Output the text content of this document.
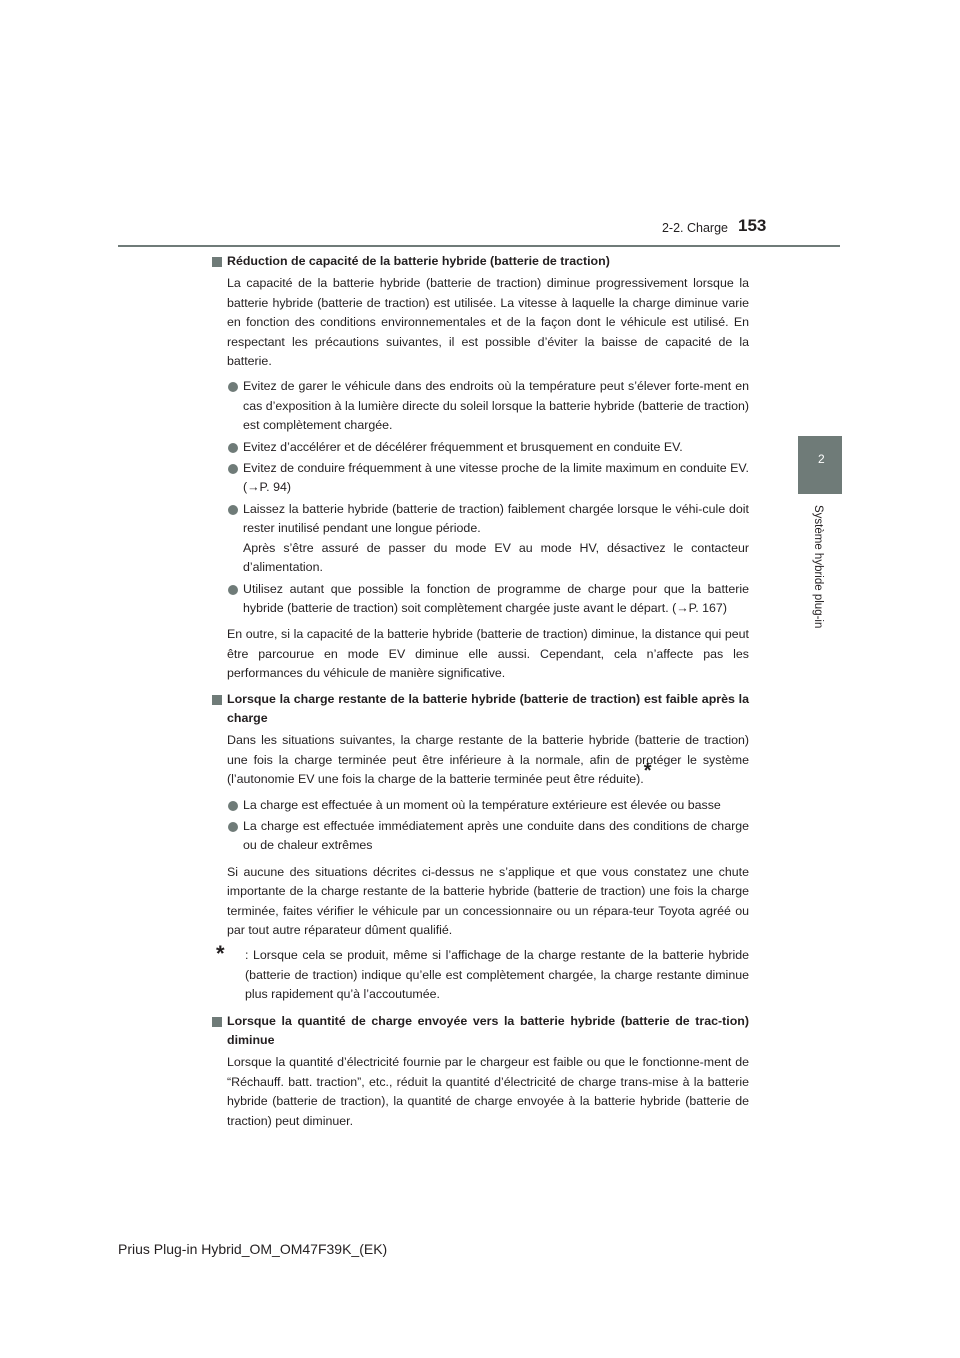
2-2. Charge 153
2
Système hybride plug-in
Réduction de capacité de la batterie hybride (batterie de traction)
La capacité de la batterie hybride (batterie de traction) diminue progressivement lorsque la batterie hybride (batterie de traction) est utilisée. La vitesse à laquelle la charge diminue varie en fonction des conditions environnementales et de la façon dont le véhicule est utilisé. En respectant les précautions suivantes, il est possible d’éviter la baisse de capacité de la batterie.
Evitez de garer le véhicule dans des endroits où la température peut s’élever forte-ment en cas d’exposition à la lumière directe du soleil lorsque la batterie hybride (batterie de traction) est complètement chargée.
Evitez d’accélérer et de décélérer fréquemment et brusquement en conduite EV.
Evitez de conduire fréquemment à une vitesse proche de la limite maximum en conduite EV. (→P. 94)
Laissez la batterie hybride (batterie de traction) faiblement chargée lorsque le véhi-cule doit rester inutilisé pendant une longue période.
Après s’être assuré de passer du mode EV au mode HV, désactivez le contacteur d’alimentation.
Utilisez autant que possible la fonction de programme de charge pour que la batterie hybride (batterie de traction) soit complètement chargée juste avant le départ. (→P. 167)
En outre, si la capacité de la batterie hybride (batterie de traction) diminue, la distance qui peut être parcourue en mode EV diminue elle aussi. Cependant, cela n’affecte pas les performances du véhicule de manière significative.
Lorsque la charge restante de la batterie hybride (batterie de traction) est faible après la charge
Dans les situations suivantes, la charge restante de la batterie hybride (batterie de traction) une fois la charge terminée peut être inférieure à la normale, afin de protéger le système (l’autonomie EV une fois la charge de la batterie terminée peut être réduite).*
La charge est effectuée à un moment où la température extérieure est élevée ou basse
La charge est effectuée immédiatement après une conduite dans des conditions de charge ou de chaleur extrêmes
Si aucune des situations décrites ci-dessus ne s’applique et que vous constatez une chute importante de la charge restante de la batterie hybride (batterie de traction) une fois la charge terminée, faites vérifier le véhicule par un concessionnaire ou un répara-teur Toyota agréé ou par tout autre réparateur dûment qualifié.
* : Lorsque cela se produit, même si l’affichage de la charge restante de la batterie hybride (batterie de traction) indique qu’elle est complètement chargée, la charge restante diminue plus rapidement qu’à l’accoutumée.
Lorsque la quantité de charge envoyée vers la batterie hybride (batterie de trac-tion) diminue
Lorsque la quantité d’électricité fournie par le chargeur est faible ou que le fonctionne-ment de “Réchauff. batt. traction”, etc., réduit la quantité d’électricité de charge trans-mise à la batterie hybride (batterie de traction), la quantité de charge envoyée à la batterie hybride (batterie de traction) peut diminuer.
Prius Plug-in Hybrid_OM_OM47F39K_(EK)
